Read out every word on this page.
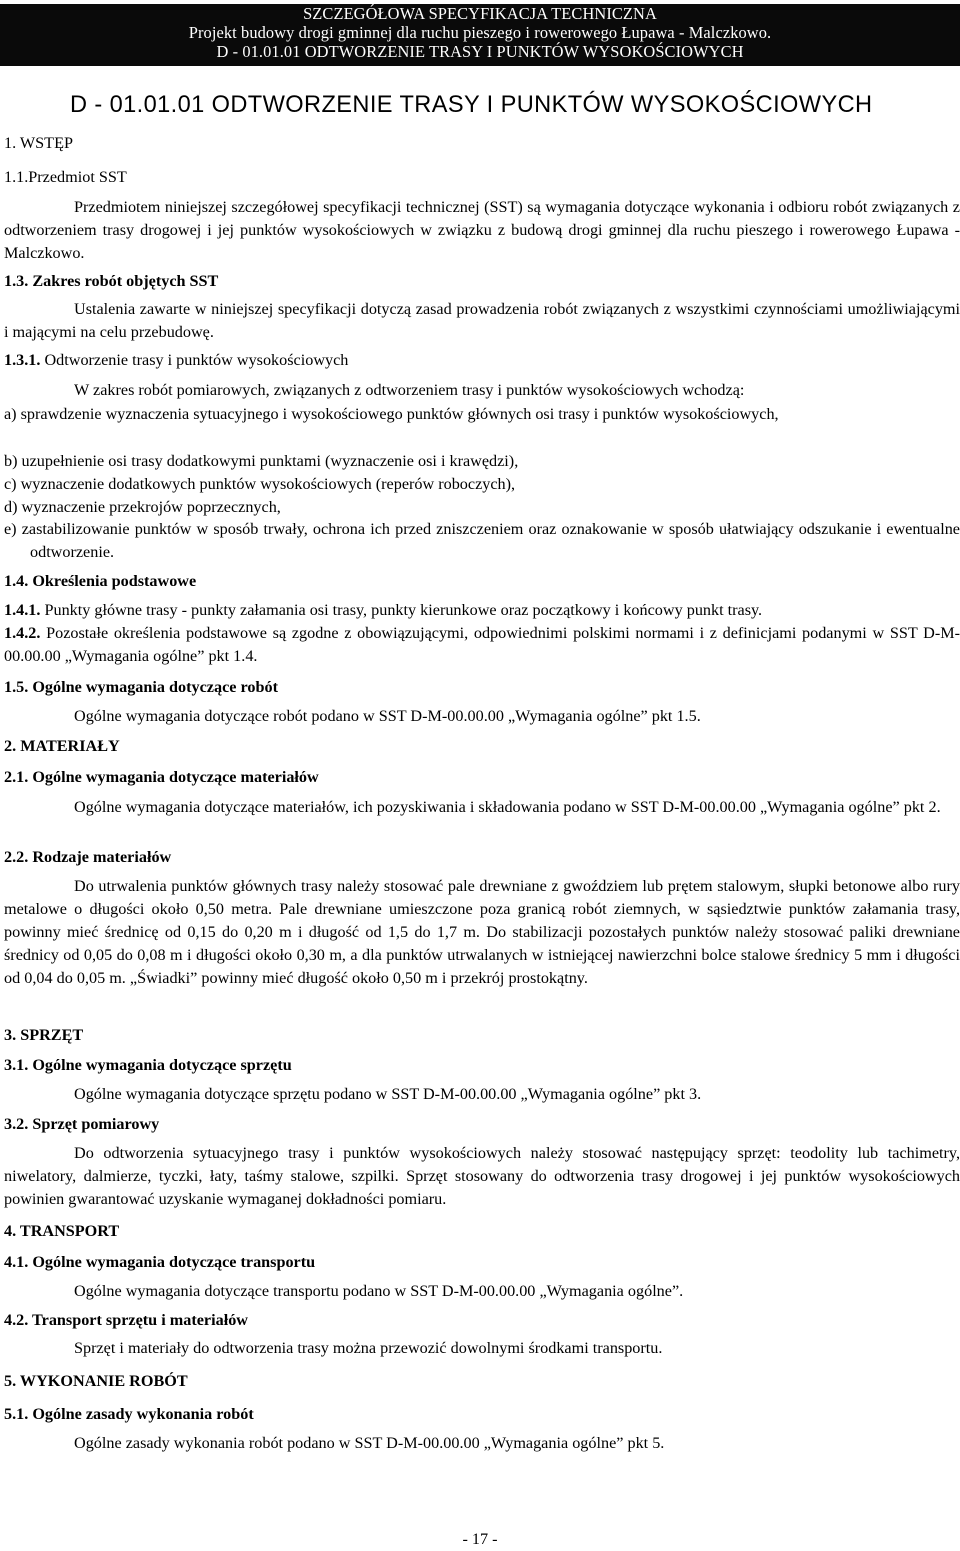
SZCZEGÓŁOWA SPECYFIKACJA TECHNICZNA
Projekt budowy drogi gminnej dla ruchu pieszego i rowerowego Łupawa - Malczkowo.
D - 01.01.01 ODTWORZENIE TRASY I PUNKTÓW WYSOKOŚCIOWYCH
D - 01.01.01 ODTWORZENIE TRASY I PUNKTÓW WYSOKOŚCIOWYCH
1. WSTĘP
1.1.Przedmiot SST
Przedmiotem niniejszej szczegółowej specyfikacji technicznej (SST) są wymagania dotyczące wykonania i odbioru robót związanych z odtworzeniem trasy drogowej i jej punktów wysokościowych w związku z budową drogi gminnej dla ruchu pieszego i rowerowego Łupawa - Malczkowo.
1.3. Zakres robót objętych SST
Ustalenia zawarte w niniejszej specyfikacji dotyczą zasad prowadzenia robót związanych z wszystkimi czynnościami umożliwiającymi i mającymi na celu przebudowę.
1.3.1. Odtworzenie trasy i punktów wysokościowych
W zakres robót pomiarowych, związanych z odtworzeniem trasy i punktów wysokościowych wchodzą:
a) sprawdzenie wyznaczenia sytuacyjnego i wysokościowego punktów głównych osi trasy i punktów wysokościowych,
b) uzupełnienie osi trasy dodatkowymi punktami (wyznaczenie osi i krawędzi),
c) wyznaczenie dodatkowych punktów wysokościowych (reperów roboczych),
d) wyznaczenie przekrojów poprzecznych,
e) zastabilizowanie punktów w sposób trwały, ochrona ich przed zniszczeniem oraz oznakowanie w sposób ułatwiający odszukanie i ewentualne odtworzenie.
1.4. Określenia podstawowe
1.4.1. Punkty główne trasy - punkty załamania osi trasy, punkty kierunkowe oraz początkowy i końcowy punkt trasy.
1.4.2. Pozostałe określenia podstawowe są zgodne z obowiązującymi, odpowiednimi polskimi normami i z definicjami podanymi w SST D-M-00.00.00 „Wymagania ogólne” pkt 1.4.
1.5. Ogólne wymagania dotyczące robót
Ogólne wymagania dotyczące robót podano w SST D-M-00.00.00 „Wymagania ogólne” pkt 1.5.
2. MATERIAŁY
2.1. Ogólne wymagania dotyczące materiałów
Ogólne wymagania dotyczące materiałów, ich pozyskiwania i składowania podano w SST D-M-00.00.00 „Wymagania ogólne” pkt 2.
2.2. Rodzaje materiałów
Do utrwalenia punktów głównych trasy należy stosować pale drewniane z gwoździem lub prętem stalowym, słupki betonowe albo rury metalowe o długości około 0,50 metra. Pale drewniane umieszczone poza granicą robót ziemnych, w sąsiedztwie punktów załamania trasy, powinny mieć średnicę od 0,15 do 0,20 m i długość od 1,5 do 1,7 m. Do stabilizacji pozostałych punktów należy stosować paliki drewniane średnicy od 0,05 do 0,08 m i długości około 0,30 m, a dla punktów utrwalanych w istniejącej nawierzchni bolce stalowe średnicy 5 mm i długości od 0,04 do 0,05 m. „Świadki” powinny mieć długość około 0,50 m i przekrój prostokątny.
3. SPRZĘT
3.1. Ogólne wymagania dotyczące sprzętu
Ogólne wymagania dotyczące sprzętu podano w SST D-M-00.00.00 „Wymagania ogólne” pkt 3.
3.2. Sprzęt pomiarowy
Do odtworzenia sytuacyjnego trasy i punktów wysokościowych należy stosować następujący sprzęt: teodolity lub tachimetry, niwelatory, dalmierze, tyczki, łaty, taśmy stalowe, szpilki. Sprzęt stosowany do odtworzenia trasy drogowej i jej punktów wysokościowych powinien gwarantować uzyskanie wymaganej dokładności pomiaru.
4. TRANSPORT
4.1. Ogólne wymagania dotyczące transportu
Ogólne wymagania dotyczące transportu podano w SST D-M-00.00.00 „Wymagania ogólne”.
4.2. Transport sprzętu i materiałów
Sprzęt i materiały do odtworzenia trasy można przewozić dowolnymi środkami transportu.
5. WYKONANIE ROBÓT
5.1. Ogólne zasady wykonania robót
Ogólne zasady wykonania robót podano w SST D-M-00.00.00 „Wymagania ogólne” pkt 5.
- 17 -
